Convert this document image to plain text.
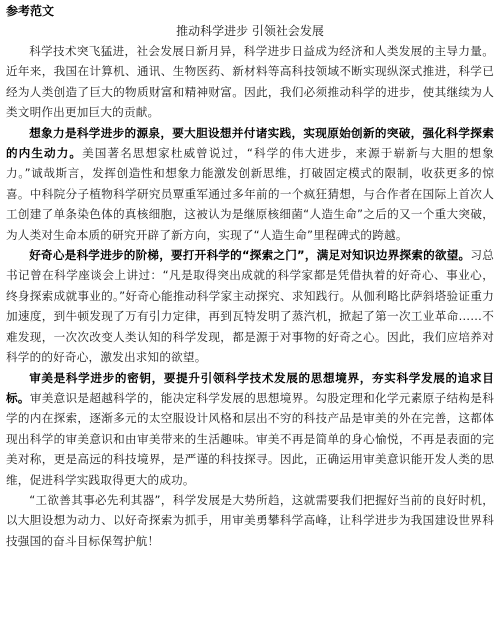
参考范文
推动科学进步 引领社会发展

科学技术突飞猛进，社会发展日新月异，科学进步日益成为经济和人类发展的主导力量。近年来，我国在计算机、通讯、生物医药、新材料等高科技领域不断实现纵深式推进，科学已经为人类创造了巨大的物质财富和精神财富。因此，我们必须推动科学的进步，使其继续为人类文明作出更加巨大的贡献。

想象力是科学进步的源泉，要大胆设想并付诸实践，实现原始创新的突破，强化科学探索的内生动力。美国著名思想家杜威曾说过，“科学的伟大进步，来源于崭新与大胆的想象力。”诚哉斯言，发挥创造性和想象力能激发创新思维，打破固定模式的限制，收获更多的惊喜。中科院分子植物科学研究员覃重军通过多年前的一个疯狂猜想，与合作者在国际上首次人工创建了单条染色体的真核细胞，这被认为是继原核细菌“人造生命”之后的又一个重大突破，为人类对生命本质的研究开辟了新方向，实现了“人造生命”里程碑式的跨越。

好奇心是科学进步的阶梯，要打开科学的“探索之门”，满足对知识边界探索的欲望。习总书记曾在科学座谈会上讲过：“凡是取得突出成就的科学家都是凭借执着的好奇心、事业心，终身探索成就事业的。”好奇心能推动科学家主动探究、求知践行。从伽利略比萨斜塔验证重力加速度，到牛顿发现了万有引力定律，再到瓦特发明了蒸汽机，掀起了第一次工业革命……不难发现，一次次改变人类认知的科学发现，都是源于对事物的好奇之心。因此，我们应培养对科学的的好奇心，激发出求知的欲望。

审美是科学进步的密钥，要提升引领科学技术发展的思想境界，夯实科学发展的追求目标。审美意识是超越科学的，能决定科学发展的思想境界。勾股定理和化学元素原子结构是科学的内在探索，逐渐多元的太空服设计风格和层出不穷的科技产品是审美的外在完善，这都体现出科学的审美意识和由审美带来的生活趣味。审美不再是简单的身心愉悦，不再是表面的完美对称，更是高远的科技境界，是严谨的科技探寻。因此，正确运用审美意识能开发人类的思维，促进科学实践取得更大的成功。

“工欲善其事必先利其器”，科学发展是大势所趋，这就需要我们把握好当前的良好时机，以大胆设想为动力、以好奇探索为抓手，用审美勇攀科学高峰，让科学进步为我国建设世界科技强国的奋斗目标保驾护航！
